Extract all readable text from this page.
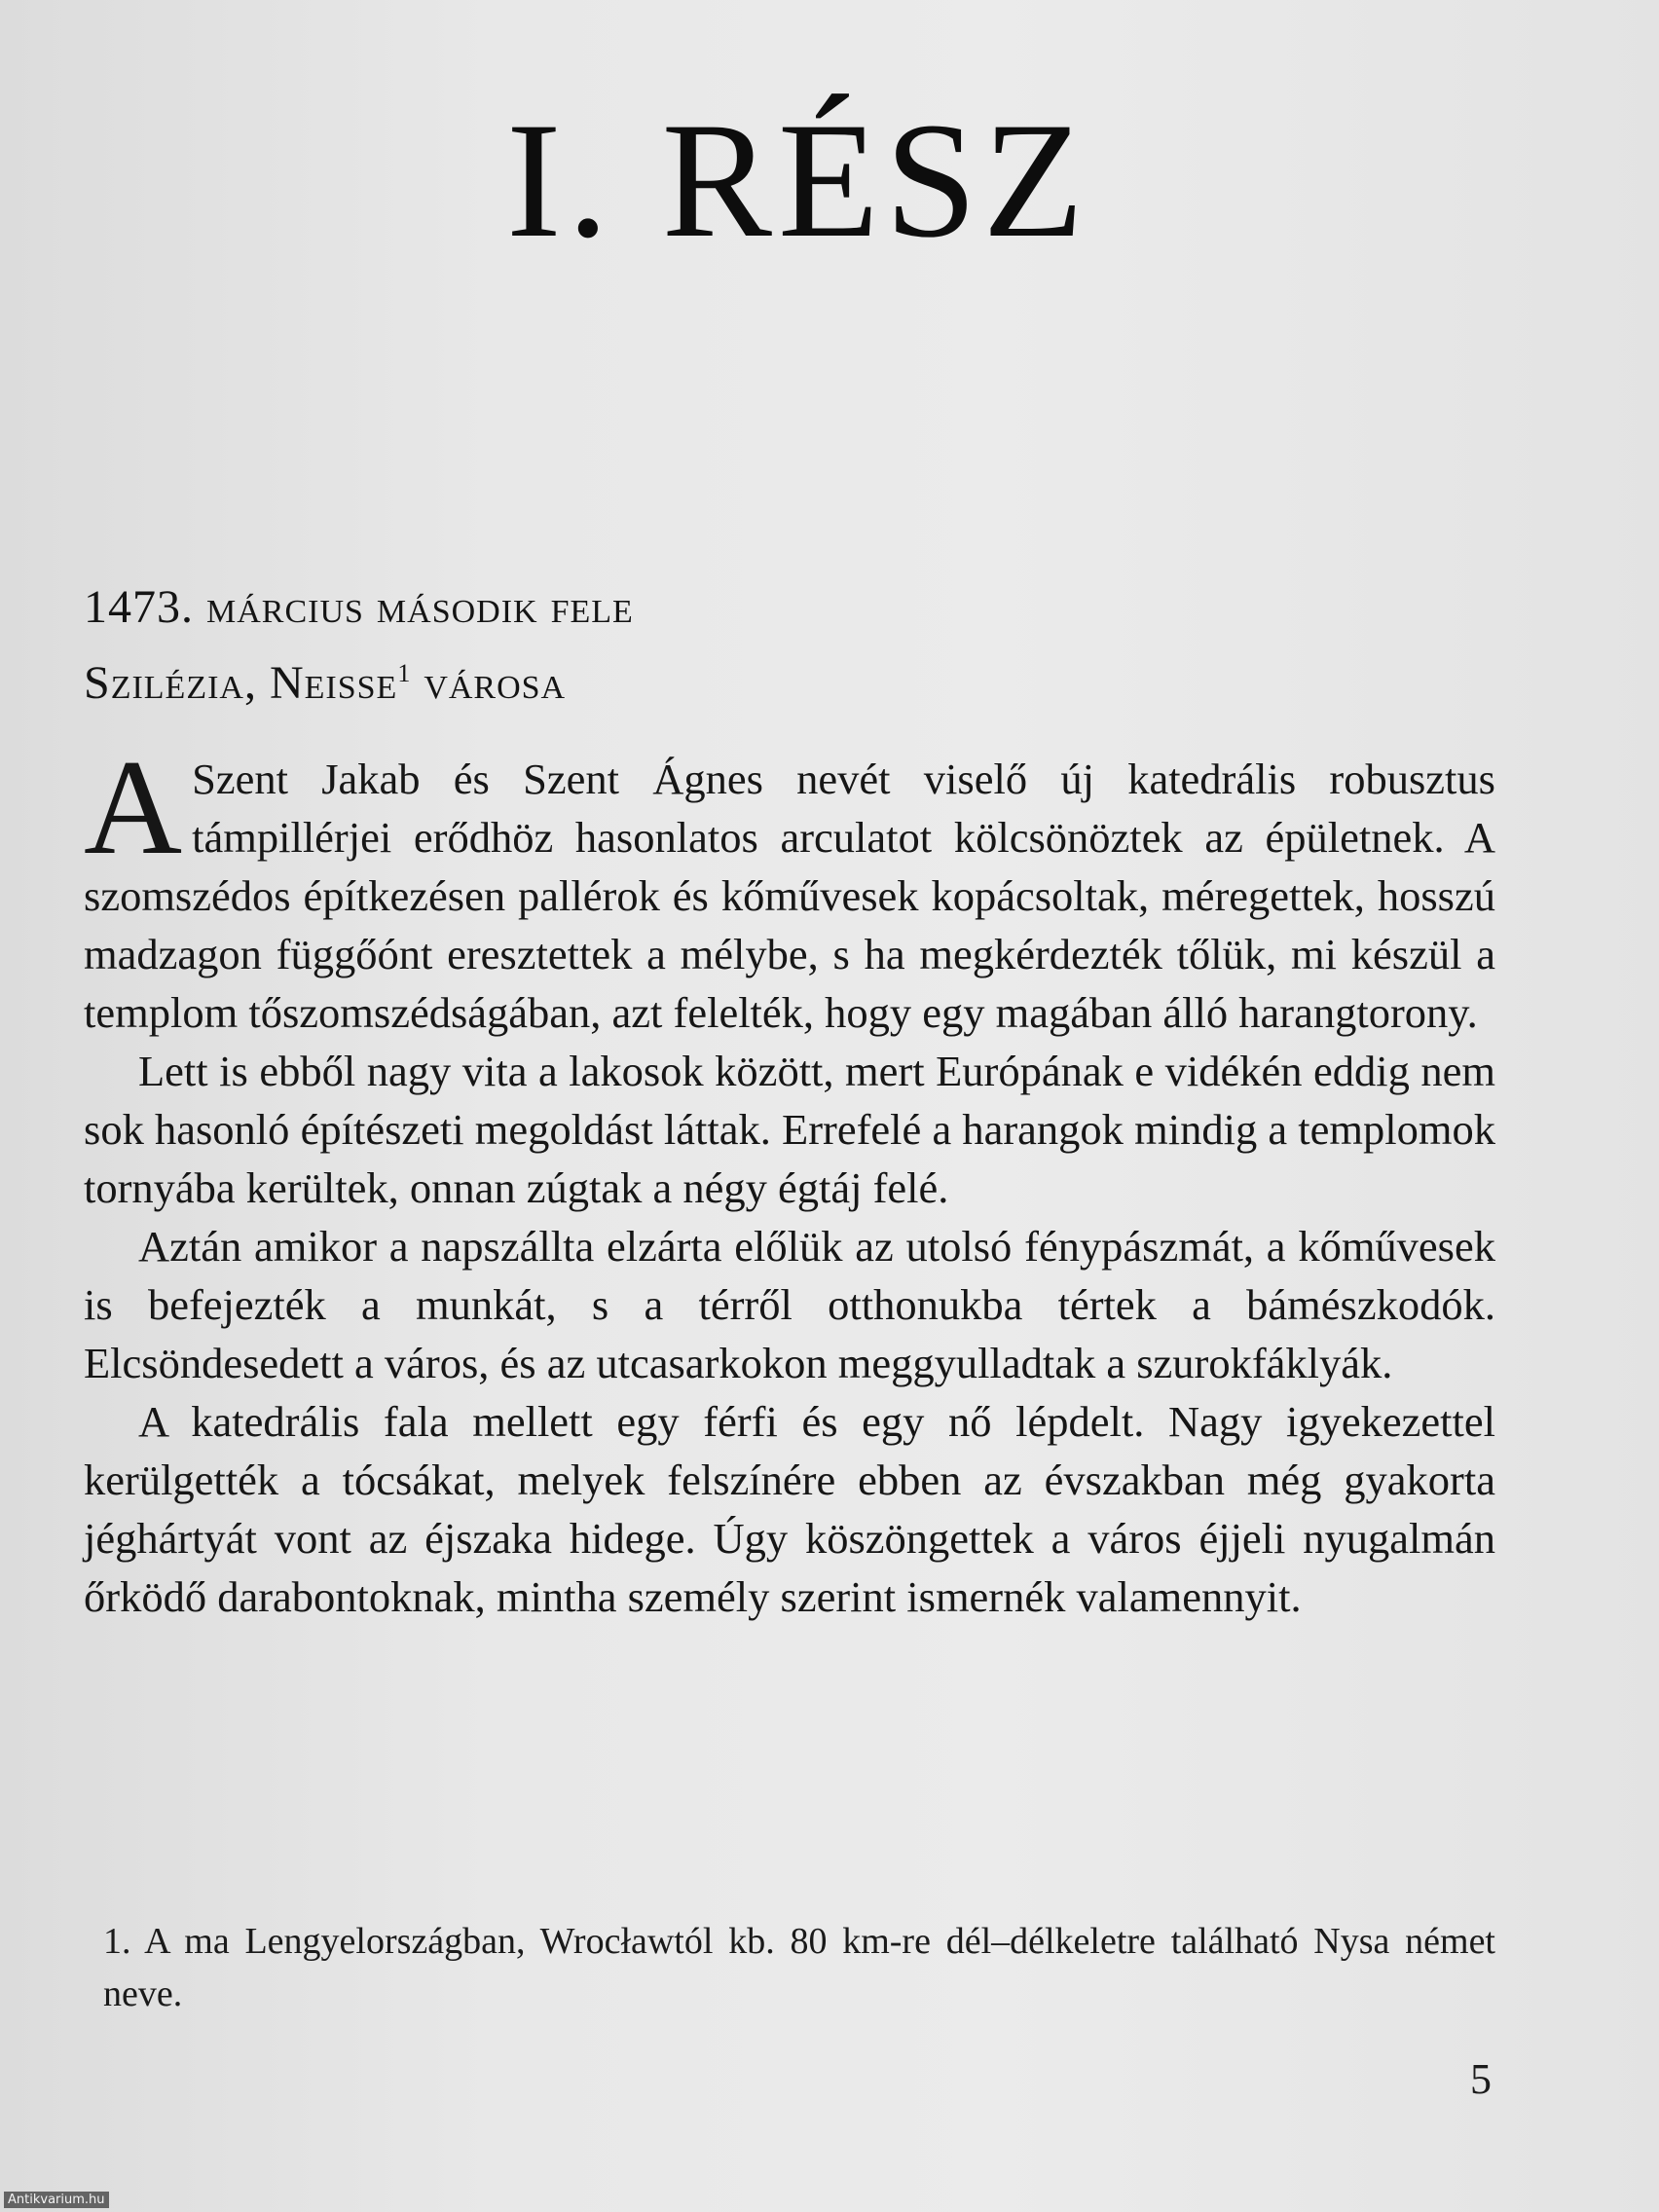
I. RÉSZ
1473. március második fele
Szilézia, Neisse$^1$ városa

A Szent Jakab és Szent Ágnes nevét viselő új katedrális robusztus támpillérjei erődhöz hasonlatos arculatot kölcsönöztek az épületnek. A szomszédos építkezésen pallérok és kőművesek kopácsoltak, méregettek, hosszú madzagon függőónt eresztettek a mélybe, s ha megkérdezték tőlük, mi készül a templom tőszomszédságában, azt felelték, hogy egy magában álló harangtorony.

Lett is ebből nagy vita a lakosok között, mert Európának e vidékén eddig nem sok hasonló építészeti megoldást láttak. Errefelé a harangok mindig a templomok tornyába kerültek, onnan zúgtak a négy égtáj felé.

Aztán amikor a napszállta elzárta előlük az utolsó fénypászmát, a kőművesek is befejezték a munkát, s a térről otthonukba tértek a bámészkodók. Elcsöndesedett a város, és az utcasarkokon meggyulladtak a szurokfáklyák.

A katedrális fala mellett egy férfi és egy nő lépdelt. Nagy igyekezettel kerülgették a tócsákat, melyek felszínére ebben az évszakban még gyakorta jéghártyát vont az éjszaka hidege. Úgy köszöngettek a város éjjeli nyugalmán őrködő darabontoknak, mintha személy szerint ismernék valamennyit.

1. A ma Lengyelországban, Wrocławtól kb. 80 km-re dél–délkeletre található Nysa német neve.
5
Antikvarium.hu
